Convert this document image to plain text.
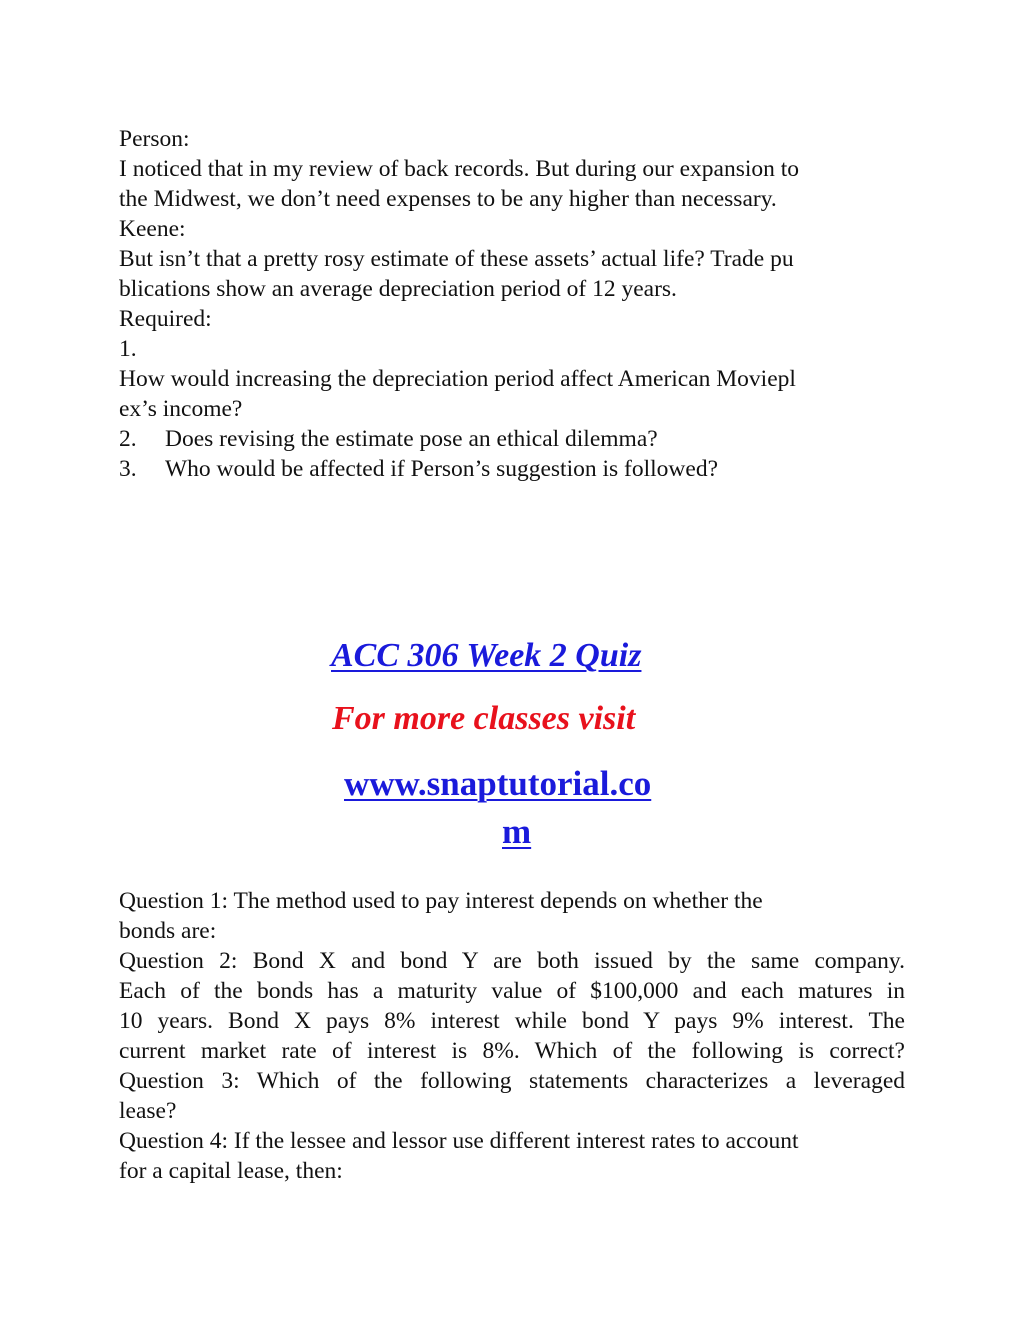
Person:
I noticed that in my review of back records. But during our expansion to
the Midwest, we don’t need expenses to be any higher than necessary.
Keene:
But isn’t that a pretty rosy estimate of these assets’ actual life? Trade pu
blications show an average depreciation period of 12 years.
Required:
1.
How would increasing the depreciation period affect American Moviepl
ex’s income?
2. Does revising the estimate pose an ethical dilemma?
3. Who would be affected if Person’s suggestion is followed?
ACC 306 Week 2 Quiz
For more classes visit
www.snaptutorial.co
m
Question 1: The method used to pay interest depends on whether the
bonds are:
Question 2: Bond X and bond Y are both issued by the same company.
Each of the bonds has a maturity value of $100,000 and each matures in
10 years. Bond X pays 8% interest while bond Y pays 9% interest. The
current market rate of interest is 8%. Which of the following is correct?
Question 3: Which of the following statements characterizes a leveraged
lease?
Question 4: If the lessee and lessor use different interest rates to account
for a capital lease, then:
